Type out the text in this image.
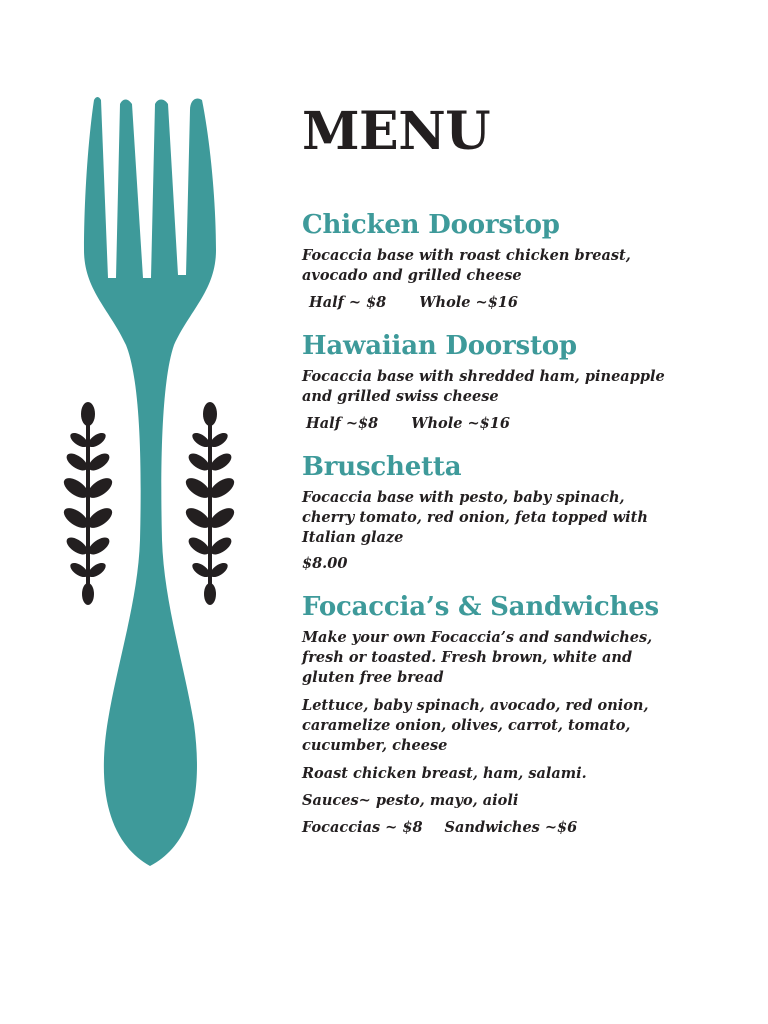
MENU
Chicken Doorstop

Focaccia base with roast chicken breast,

avocado and grilled cheese

Half ~ $8 Whole ~$16

Hawaiian Doorstop

Focaccia base with shredded ham, pineapple

and grilled swiss cheese

Half ~$8 Whole ~$16

Bruschetta

Focaccia base with pesto, baby spinach,

cherry tomato, red onion, feta topped with

Italian glaze

$8.00

Focaccia’s & Sandwiches

Make your own Focaccia’s and sandwiches,

fresh or toasted. Fresh brown, white and

gluten free bread

Lettuce, baby spinach, avocado, red onion,

caramelize onion, olives, carrot, tomato,

cucumber, cheese

Roast chicken breast, ham, salami.

Sauces~ pesto, mayo, aioli

Focaccias ~ $8 Sandwiches ~$6
